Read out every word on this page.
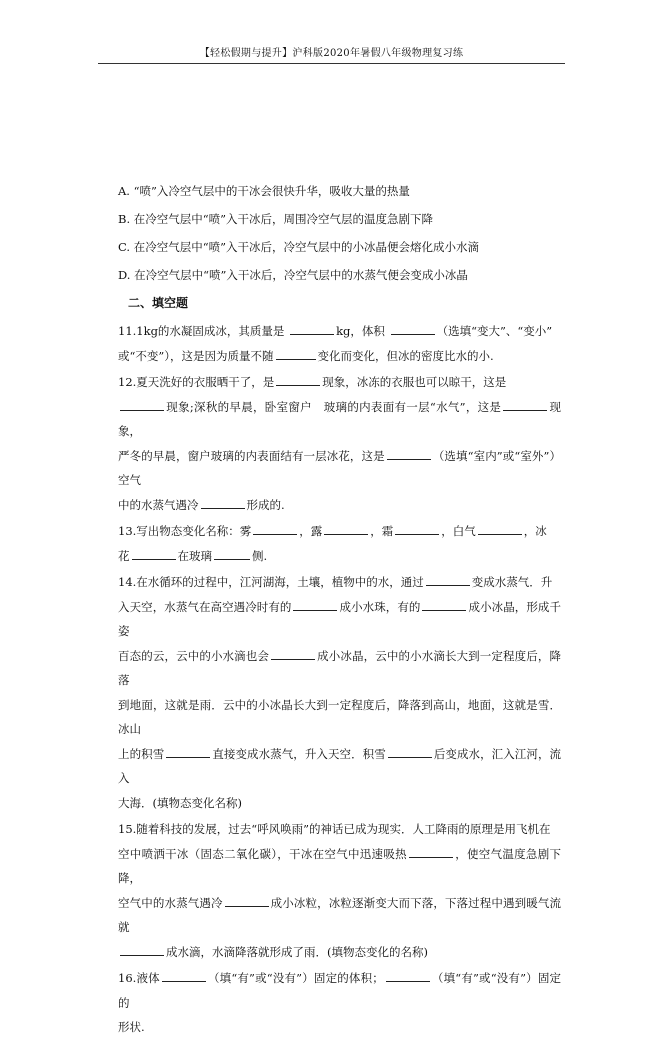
【轻松假期与提升】沪科版2020年暑假八年级物理复习练
A. “喷”入冷空气层中的干冰会很快升华，吸收大量的热量
B. 在冷空气层中“喷”入干冰后，周围冷空气层的温度急剧下降
C. 在冷空气层中“喷”入干冰后，冷空气层中的小冰晶便会熔化成小水滴
D. 在冷空气层中“喷”入干冰后，冷空气层中的水蒸气便会变成小冰晶
二、填空题
11.1kg的水凝固成冰，其质量是	kg，体积	（选填“变大”、“变小”
或“不变”），这是因为质量不随	变化而变化，但冰的密度比水的小.
12.夏天洗好的衣服晒干了，是	现象，冰冻的衣服也可以晾干，这是
现象;深秋的早晨，卧室窗户　玻璃的内表面有一层“水气”，这是	现象，
严冬的早晨，窗户玻璃的内表面结有一层冰花，这是	（选填“室内”或“室外”）空气
中的水蒸气遇冷	形成的.
13.写出物态变化名称：雾	，露	，霜	，白气	，冰
花	在玻璃	侧.
14.在水循环的过程中，江河湖海，土壤，植物中的水，通过	变成水蒸气．升
入天空，水蒸气在高空遇冷时有的	成小水珠，有的	成小冰晶，形成千姿
百态的云，云中的小水滴也会	成小冰晶，云中的小水滴长大到一定程度后，降落
到地面，这就是雨．云中的小冰晶长大到一定程度后，降落到高山，地面，这就是雪．冰山
上的积雪	直接变成水蒸气，升入天空．积雪	后变成水，汇入江河，流入
大海．(填物态变化名称)
15.随着科技的发展，过去“呼风唤雨”的神话已成为现实．人工降雨的原理是用飞机在
空中喷洒干冰（固态二氧化碳），干冰在空气中迅速吸热	，使空气温度急剧下降，
空气中的水蒸气遇冷	成小冰粒，冰粒逐渐变大而下落，下落过程中遇到暖气流就
成水滴，水滴降落就形成了雨．(填物态变化的名称)
16.液体	（填“有”或“没有”）固定的体积；	（填“有”或“没有”）固定的
形状.
